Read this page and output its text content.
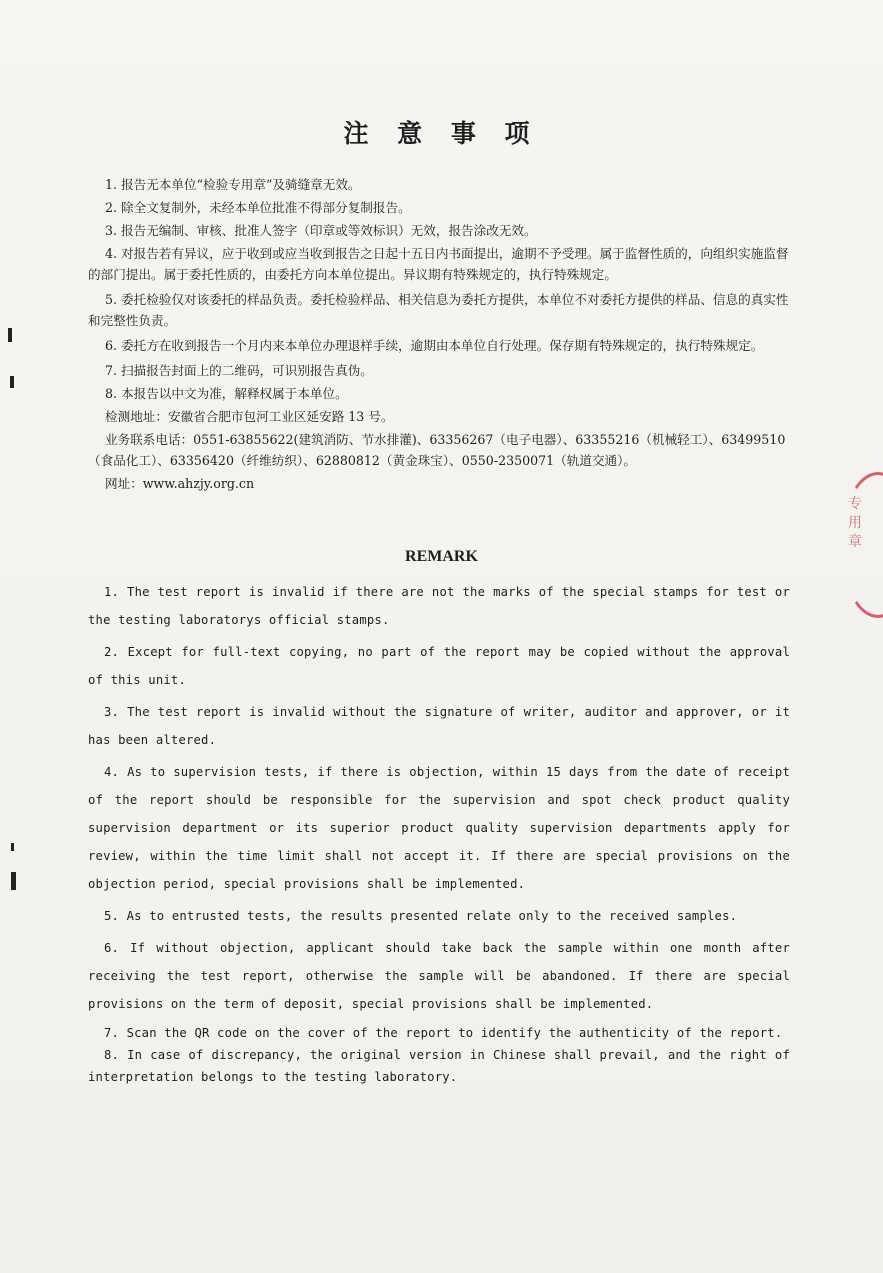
注 意 事 项

1. 报告无本单位“检验专用章”及骑缝章无效。

2. 除全文复制外，未经本单位批准不得部分复制报告。

3. 报告无编制、审核、批准人签字（印章或等效标识）无效，报告涂改无效。

4. 对报告若有异议，应于收到或应当收到报告之日起十五日内书面提出，逾期不予受理。属于监督性质的，向组织实施监督的部门提出。属于委托性质的，由委托方向本单位提出。异议期有特殊规定的，执行特殊规定。

5. 委托检验仅对该委托的样品负责。委托检验样品、相关信息为委托方提供，本单位不对委托方提供的样品、信息的真实性和完整性负责。

6. 委托方在收到报告一个月内来本单位办理退样手续，逾期由本单位自行处理。保存期有特殊规定的，执行特殊规定。

7. 扫描报告封面上的二维码，可识别报告真伪。

8. 本报告以中文为准，解释权属于本单位。

检测地址：安徽省合肥市包河工业区延安路 13 号。

业务联系电话：0551-63855622(建筑消防、节水排灌)、63356267（电子电器）、63355216（机械轻工）、63499510（食品化工）、63356420（纤维纺织）、62880812（黄金珠宝）、0550-2350071（轨道交通）。

网址：www.ahzjy.org.cn

REMARK

1. The test report is invalid if there are not the marks of the special stamps for test or the testing laboratorys official stamps.

2. Except for full-text copying, no part of the report may be copied without the approval of this unit.

3. The test report is invalid without the signature of writer, auditor and approver, or it has been altered.

4. As to supervision tests, if there is objection, within 15 days from the date of receipt of the report should be responsible for the supervision and spot check product quality supervision department or its superior product quality supervision departments apply for review, within the time limit shall not accept it. If there are special provisions on the objection period, special provisions shall be implemented.

5. As to entrusted tests, the results presented relate only to the received samples.

6. If without objection, applicant should take back the sample within one month after receiving the test report, otherwise the sample will be abandoned. If there are special provisions on the term of deposit, special provisions shall be implemented.

7. Scan the QR code on the cover of the report to identify the authenticity of the report.

8. In case of discrepancy, the original version in Chinese shall prevail, and the right of interpretation belongs to the testing laboratory.

专用章
